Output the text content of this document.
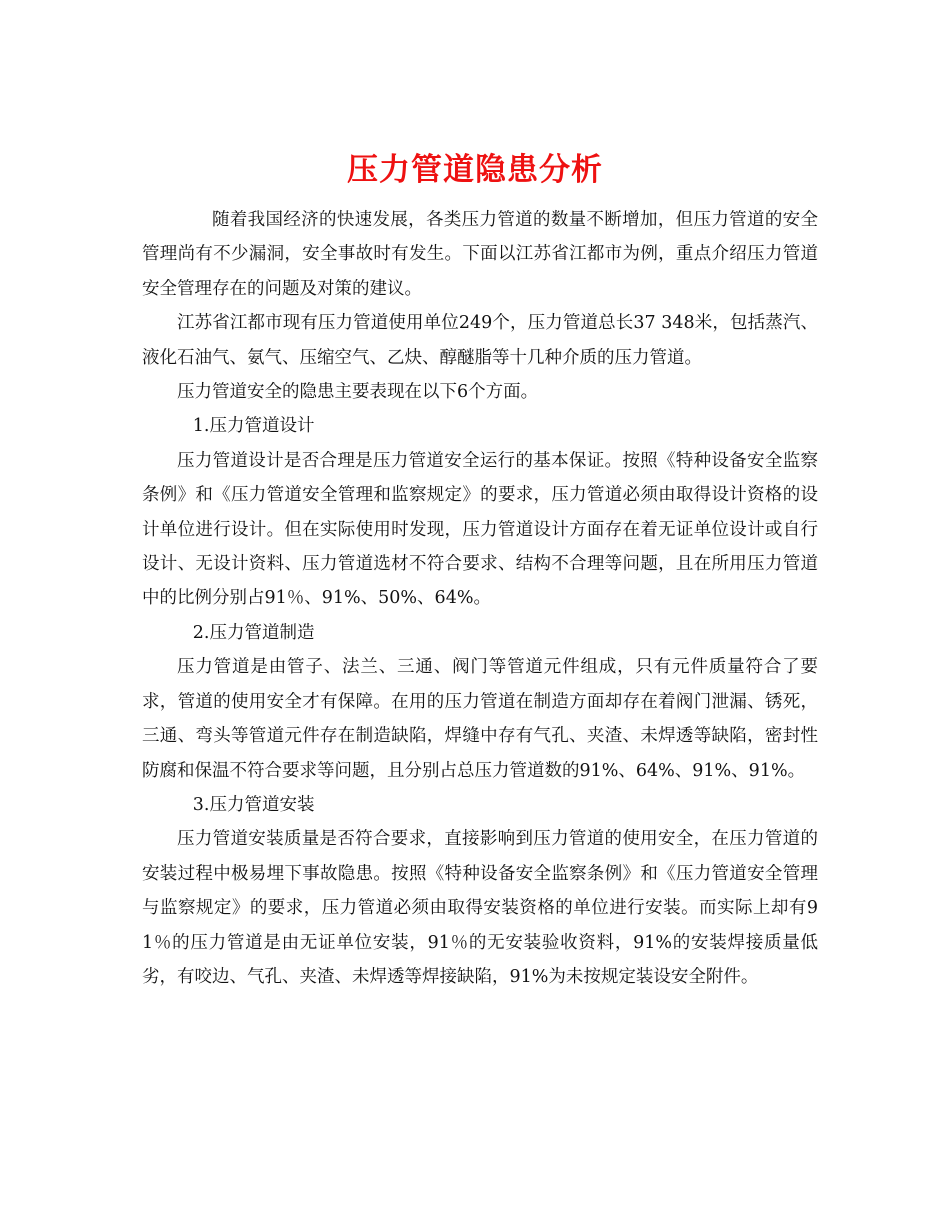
压力管道隐患分析

随着我国经济的快速发展，各类压力管道的数量不断增加，但压力管道的安全管理尚有不少漏洞，安全事故时有发生。下面以江苏省江都市为例，重点介绍压力管道安全管理存在的问题及对策的建议。

江苏省江都市现有压力管道使用单位249个，压力管道总长37 348米，包括蒸汽、液化石油气、氨气、压缩空气、乙炔、醇醚脂等十几种介质的压力管道。

压力管道安全的隐患主要表现在以下6个方面。

1.压力管道设计

压力管道设计是否合理是压力管道安全运行的基本保证。按照《特种设备安全监察条例》和《压力管道安全管理和监察规定》的要求，压力管道必须由取得设计资格的设计单位进行设计。但在实际使用时发现，压力管道设计方面存在着无证单位设计或自行设计、无设计资料、压力管道选材不符合要求、结构不合理等问题，且在所用压力管道中的比例分别占91％、91%、50%、64%。

2.压力管道制造

压力管道是由管子、法兰、三通、阀门等管道元件组成，只有元件质量符合了要求，管道的使用安全才有保障。在用的压力管道在制造方面却存在着阀门泄漏、锈死，三通、弯头等管道元件存在制造缺陷，焊缝中存有气孔、夹渣、未焊透等缺陷，密封性防腐和保温不符合要求等问题，且分别占总压力管道数的91%、64%、91%、91%。

3.压力管道安装

压力管道安装质量是否符合要求，直接影响到压力管道的使用安全，在压力管道的安装过程中极易埋下事故隐患。按照《特种设备安全监察条例》和《压力管道安全管理与监察规定》的要求，压力管道必须由取得安装资格的单位进行安装。而实际上却有91％的压力管道是由无证单位安装，91％的无安装验收资料，91%的安装焊接质量低劣，有咬边、气孔、夹渣、未焊透等焊接缺陷，91%为未按规定装设安全附件。
